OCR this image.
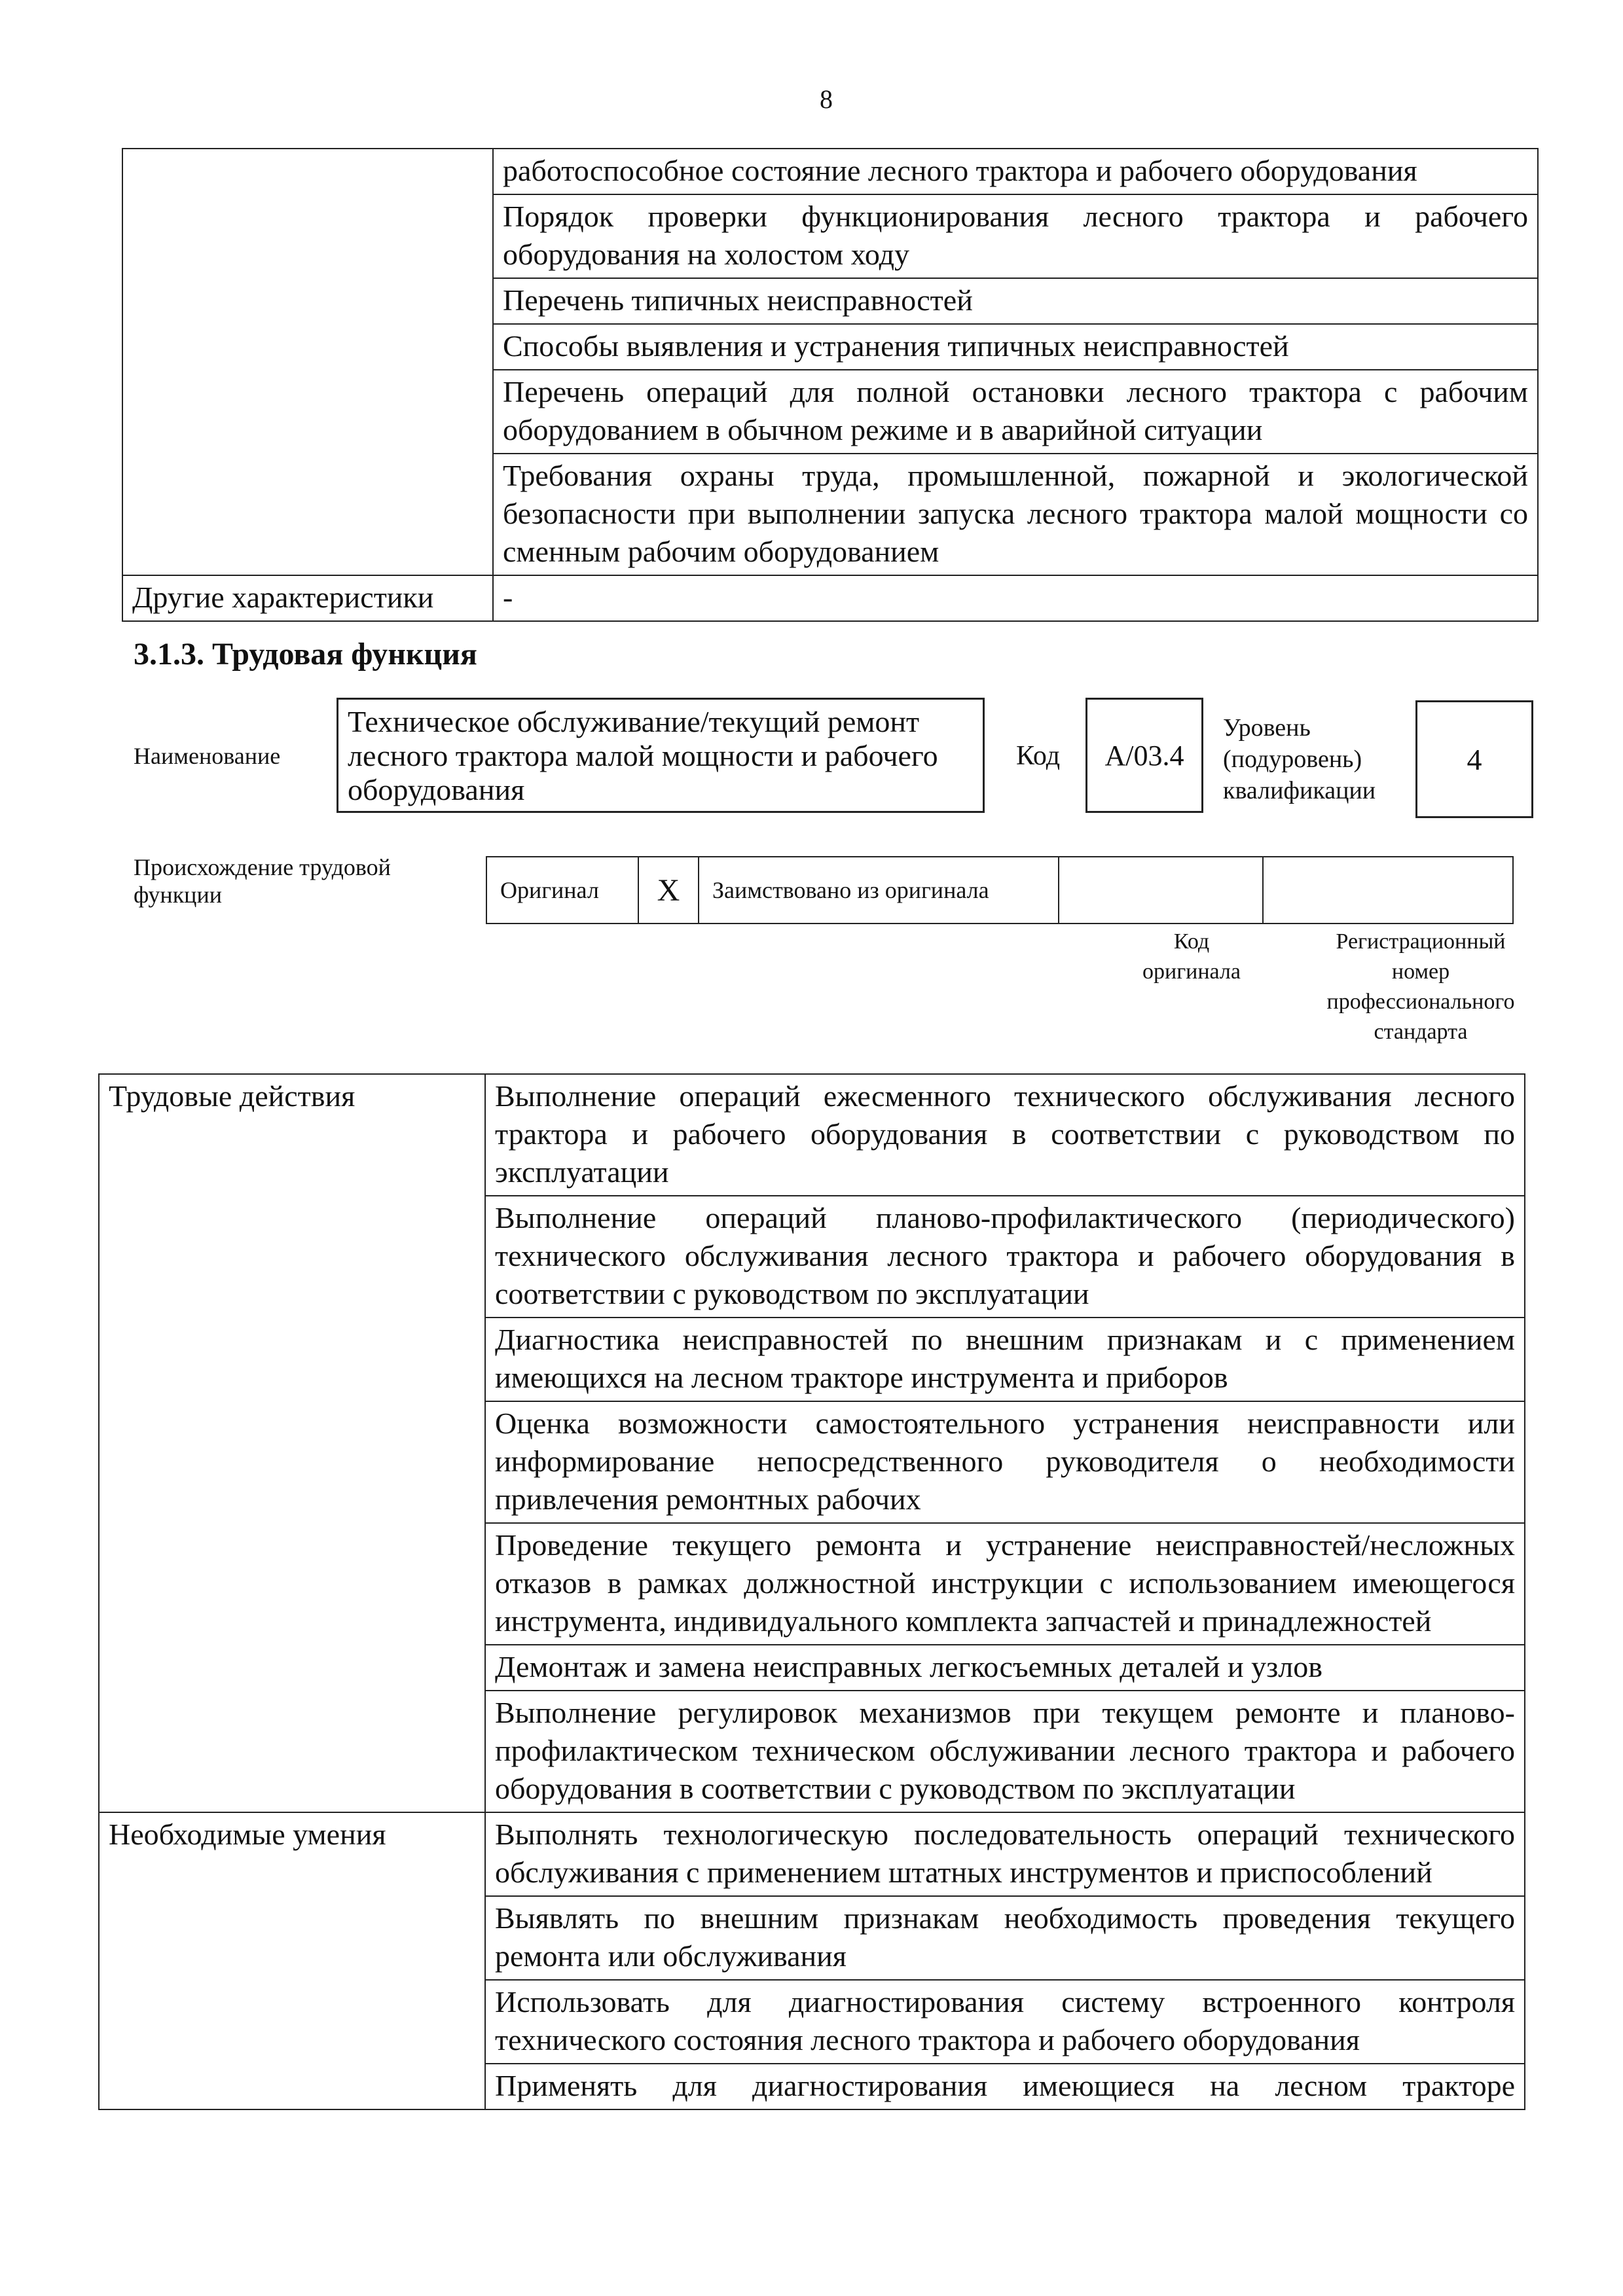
8
	работоспособное состояние лесного трактора и рабочего оборудования
	Порядок проверки функционирования лесного трактора и рабочего оборудования на холостом ходу
	Перечень типичных неисправностей
	Способы выявления и устранения типичных неисправностей
	Перечень операций для полной остановки лесного трактора с рабочим оборудованием в обычном режиме и в аварийной ситуации
	Требования охраны труда, промышленной, пожарной и экологической безопасности при выполнении запуска лесного трактора малой мощности со сменным рабочим оборудованием
Другие характеристики	-
3.1.3. Трудовая функция
Наименование
Техническое обслуживание/текущий ремонт лесного трактора малой мощности и рабочего оборудования
Код	A/03.4
Уровень
(подуровень)
квалификации
4
Происхождение трудовой
функции	Оригинал	X	Заимствовано из оригинала		
Код
оригинала
Регистрационный
номер
профессионального
стандарта
Трудовые действия	Выполнение операций ежесменного технического обслуживания лесного трактора и рабочего оборудования в соответствии с руководством по эксплуатации
	Выполнение операций планово-профилактического (периодического) технического обслуживания лесного трактора и рабочего оборудования в соответствии с руководством по эксплуатации
	Диагностика неисправностей по внешним признакам и с применением имеющихся на лесном тракторе инструмента и приборов
	Оценка возможности самостоятельного устранения неисправности или информирование непосредственного руководителя о необходимости привлечения ремонтных рабочих
	Проведение текущего ремонта и устранение неисправностей/несложных отказов в рамках должностной инструкции с использованием имеющегося инструмента, индивидуального комплекта запчастей и принадлежностей
	Демонтаж и замена неисправных легкосъемных деталей и узлов
	Выполнение регулировок механизмов при текущем ремонте и планово-профилактическом техническом обслуживании лесного трактора и рабочего оборудования в соответствии с руководством по эксплуатации
Необходимые умения	Выполнять технологическую последовательность операций технического обслуживания с применением штатных инструментов и приспособлений
	Выявлять по внешним признакам необходимость проведения текущего ремонта или обслуживания
	Использовать для диагностирования систему встроенного контроля технического состояния лесного трактора и рабочего оборудования
	Применять для диагностирования имеющиеся на лесном тракторе
